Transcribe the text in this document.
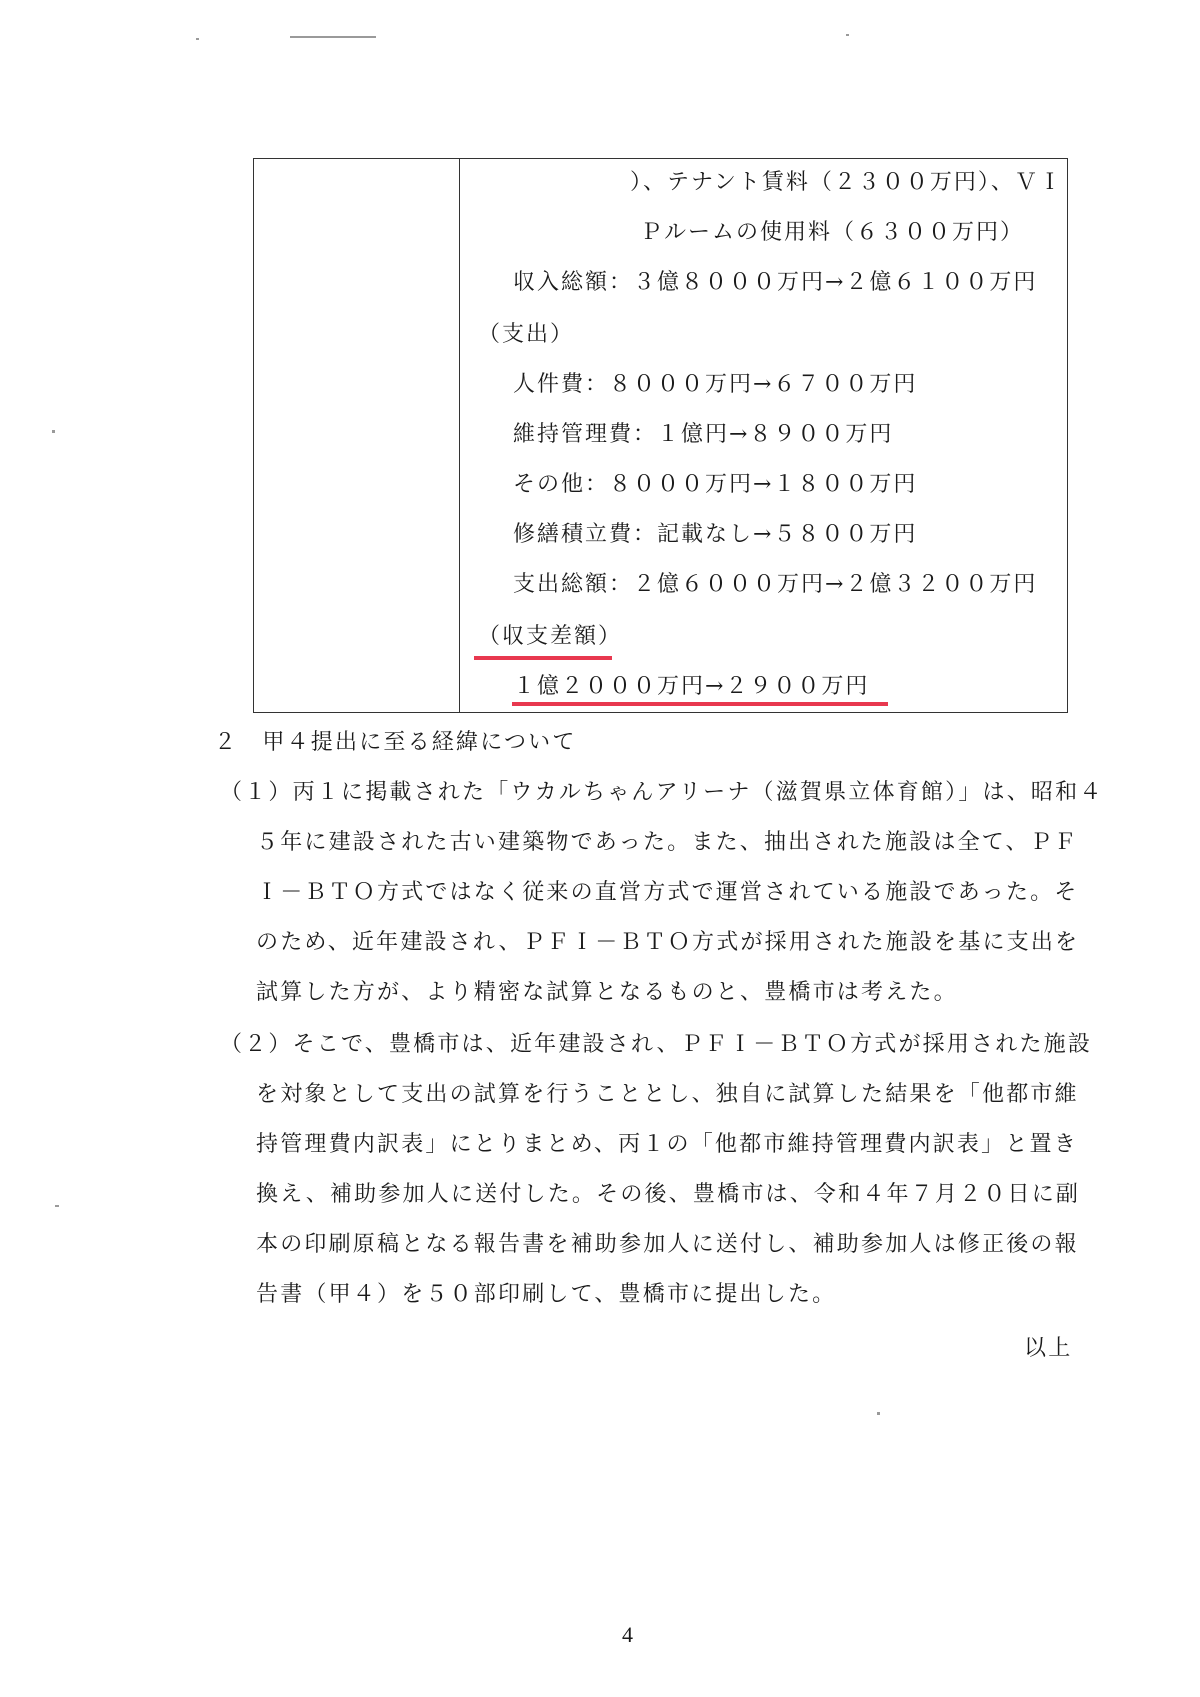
）、テナント賃料（２３００万円）、ＶＩ
Ｐルームの使用料（６３００万円）
収入総額：３億８０００万円→２億６１００万円
（支出）
人件費：８０００万円→６７００万円
維持管理費：１億円→８９００万円
その他：８０００万円→１８００万円
修繕積立費：記載なし→５８００万円
支出総額：２億６０００万円→２億３２００万円
（収支差額）
１億２０００万円→２９００万円
２　甲４提出に至る経緯について
（１）丙１に掲載された「ウカルちゃんアリーナ（滋賀県立体育館）」は、昭和４
５年に建設された古い建築物であった。また、抽出された施設は全て、ＰＦ
Ｉ－ＢＴＯ方式ではなく従来の直営方式で運営されている施設であった。そ
のため、近年建設され、ＰＦＩ－ＢＴＯ方式が採用された施設を基に支出を
試算した方が、より精密な試算となるものと、豊橋市は考えた。
（２）そこで、豊橋市は、近年建設され、ＰＦＩ－ＢＴＯ方式が採用された施設
を対象として支出の試算を行うこととし、独自に試算した結果を「他都市維
持管理費内訳表」にとりまとめ、丙１の「他都市維持管理費内訳表」と置き
換え、補助参加人に送付した。その後、豊橋市は、令和４年７月２０日に副
本の印刷原稿となる報告書を補助参加人に送付し、補助参加人は修正後の報
告書（甲４）を５０部印刷して、豊橋市に提出した。
以上
4
